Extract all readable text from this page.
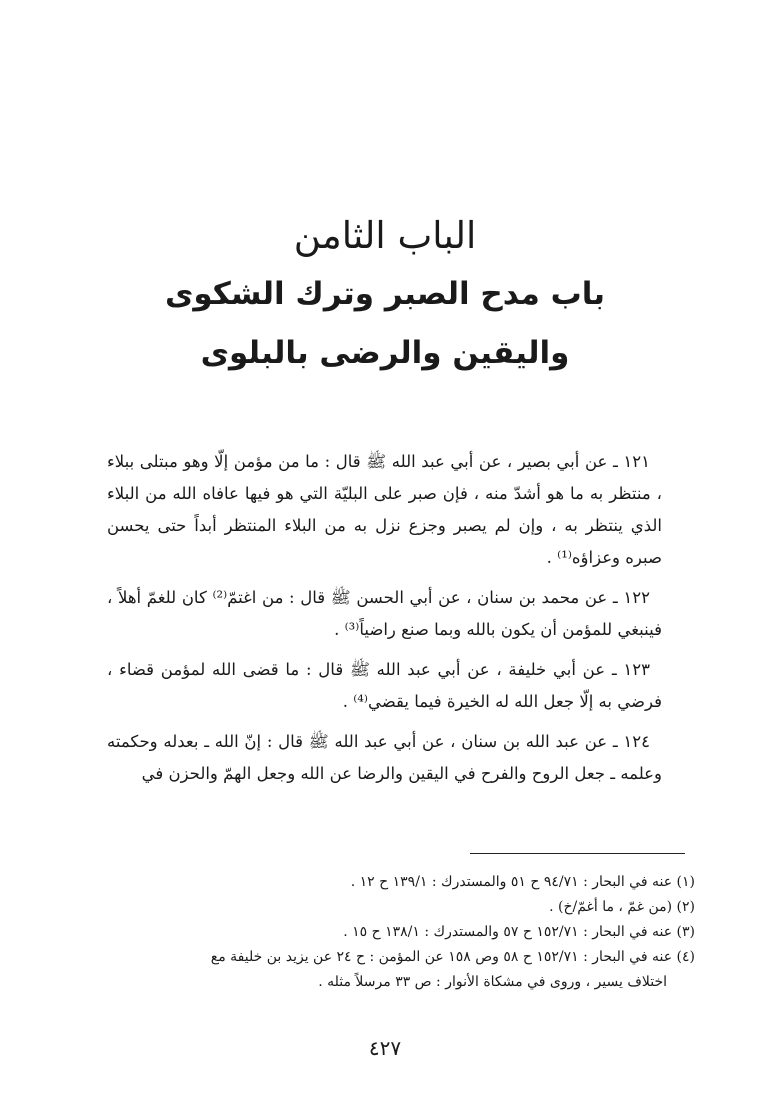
الباب الثامن
باب مدح الصبر وترك الشكوى
واليقين والرضى بالبلوى

١٢١ ـ عن أبي بصير ، عن أبي عبد الله ﷺ قال : ما من مؤمن إلّا وهو مبتلى ببلاء ، منتظر به ما هو أشدّ منه ، فإن صبر على البليّة التي هو فيها عافاه الله من البلاء الذي ينتظر به ، وإن لم يصبر وجزع نزل به من البلاء المنتظر أبداً حتى يحسن صبره وعزاؤه⁽¹⁾ .

١٢٢ ـ عن محمد بن سنان ، عن أبي الحسن ﷺ قال : من اغتمّ⁽²⁾ كان للغمّ أهلاً ، فينبغي للمؤمن أن يكون بالله وبما صنع راضياً⁽³⁾ .

١٢٣ ـ عن أبي خليفة ، عن أبي عبد الله ﷺ قال : ما قضى الله لمؤمن قضاء ، فرضي به إلّا جعل الله له الخيرة فيما يقضي⁽⁴⁾ .

١٢٤ ـ عن عبد الله بن سنان ، عن أبي عبد الله ﷺ قال : إنّ الله ـ بعدله وحكمته وعلمه ـ جعل الروح والفرح في اليقين والرضا عن الله وجعل الهمّ والحزن في

(١) عنه في البحار : ٩٤/٧١ ح ٥١ والمستدرك : ١٣٩/١ ح ١٢ .

(٢) (من غمّ ، ما أغمّ/خ) .

(٣) عنه في البحار : ١٥٢/٧١ ح ٥٧ والمستدرك : ١٣٨/١ ح ١٥ .

(٤) عنه في البحار : ١٥٢/٧١ ح ٥٨ وص ١٥٨ عن المؤمن : ح ٢٤ عن يزيد بن خليفة مع

اختلاف يسير ، وروى في مشكاة الأنوار : ص ٣٣ مرسلاً مثله .

٤٢٧
